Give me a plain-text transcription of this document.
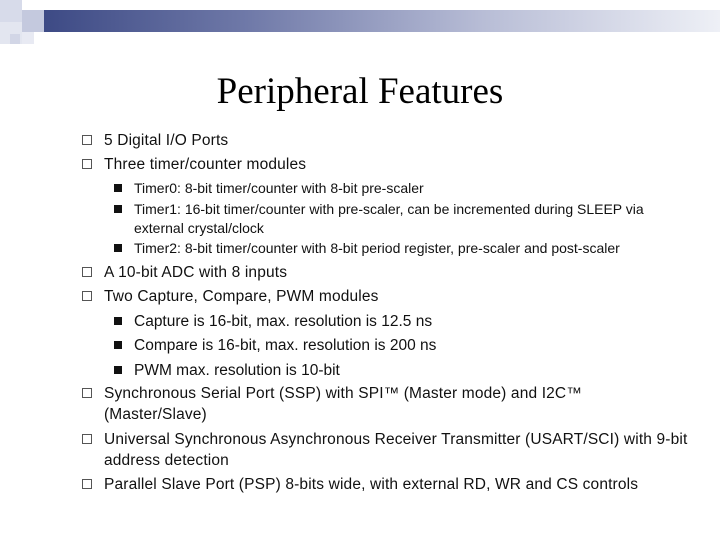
Peripheral Features
5 Digital I/O Ports
Three timer/counter modules
Timer0: 8-bit timer/counter with 8-bit pre-scaler
Timer1: 16-bit timer/counter with pre-scaler, can be incremented during SLEEP via external crystal/clock
Timer2: 8-bit timer/counter with 8-bit period register, pre-scaler and post-scaler
A 10-bit ADC with 8 inputs
Two Capture, Compare, PWM modules
Capture is 16-bit, max. resolution is 12.5 ns
Compare is 16-bit, max. resolution is 200 ns
PWM max. resolution is 10-bit
Synchronous Serial Port (SSP) with SPI™ (Master mode) and I2C™ (Master/Slave)
Universal Synchronous Asynchronous Receiver Transmitter (USART/SCI) with 9-bit address detection
Parallel Slave Port (PSP) 8-bits wide, with external RD, WR and CS controls
